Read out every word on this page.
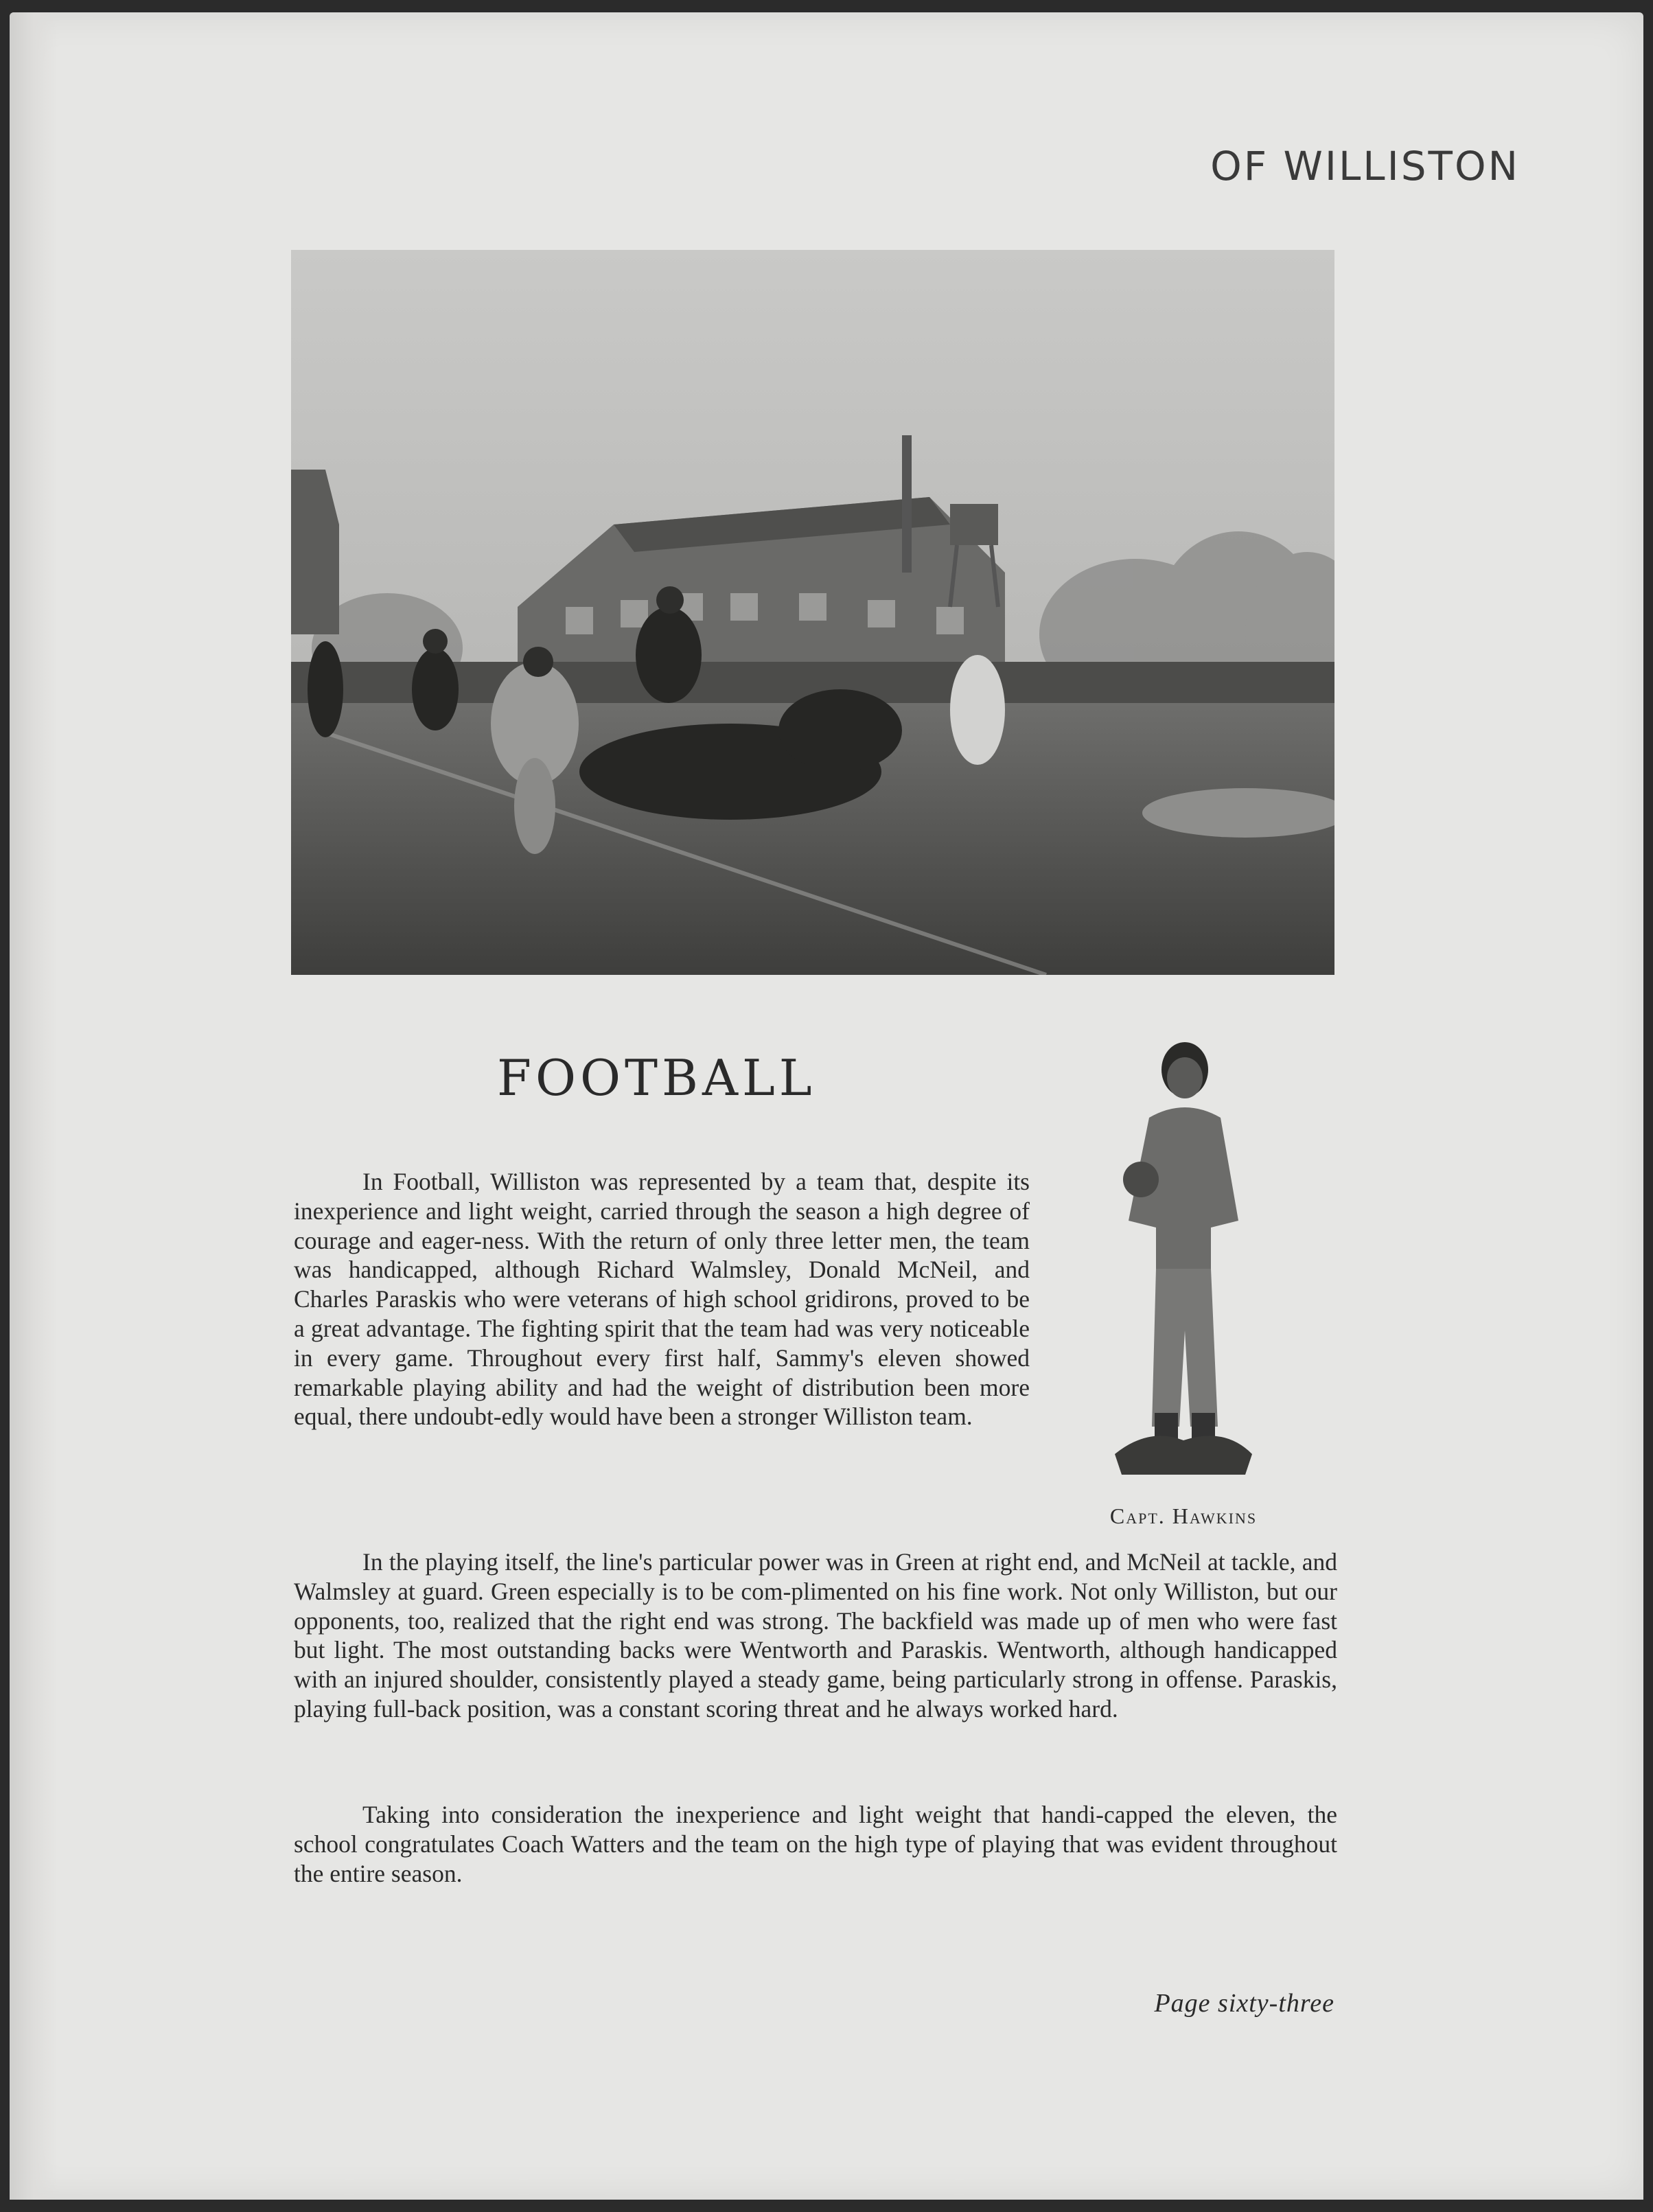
OF WILLISTON
FOOTBALL

In Football, Williston was represented by a team that, despite its inexperience and light weight, carried through the season a high degree of courage and eager-ness. With the return of only three letter men, the team was handicapped, although Richard Walmsley, Donald McNeil, and Charles Paraskis who were veterans of high school gridirons, proved to be a great advantage. The fighting spirit that the team had was very noticeable in every game. Throughout every first half, Sammy's eleven showed remarkable playing ability and had the weight of distribution been more equal, there undoubt-edly would have been a stronger Williston team.

Capt. Hawkins

In the playing itself, the line's particular power was in Green at right end, and McNeil at tackle, and Walmsley at guard. Green especially is to be com-plimented on his fine work. Not only Williston, but our opponents, too, realized that the right end was strong. The backfield was made up of men who were fast but light. The most outstanding backs were Wentworth and Paraskis. Wentworth, although handicapped with an injured shoulder, consistently played a steady game, being particularly strong in offense. Paraskis, playing full-back position, was a constant scoring threat and he always worked hard.

Taking into consideration the inexperience and light weight that handi-capped the eleven, the school congratulates Coach Watters and the team on the high type of playing that was evident throughout the entire season.

Page sixty-three
